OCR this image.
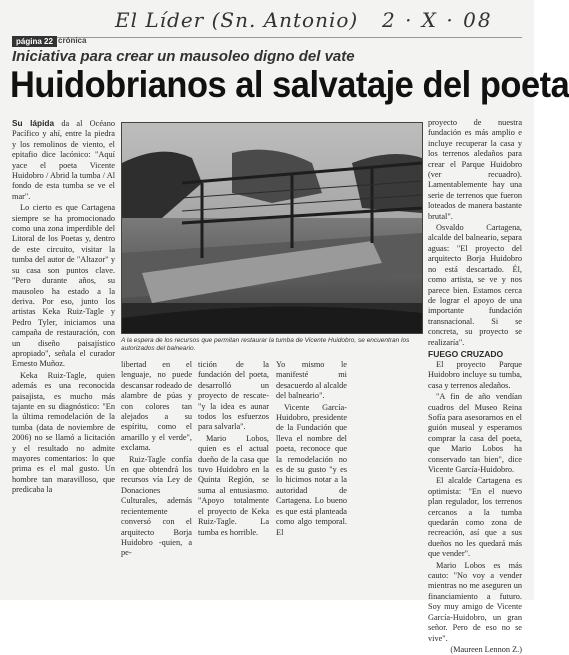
El Líder (Sn. Antonio) 2 · X · 08
página 22 crónica
Iniciativa para crear un mausoleo digno del vate
Huidobrianos al salvataje del poeta

Su lápida da al Océano Pacífico y ahí, entre la piedra y los remolinos de viento, el epitafio dice lacónico: "Aquí yace el poeta Vicente Huidobro / Abrid la tumba / Al fondo de esta tumba se ve el mar".

Lo cierto es que Cartagena siempre se ha promocionado como una zona imperdible del Litoral de los Poetas y, dentro de este circuito, visitar la tumba del autor de "Altazor" y su casa son puntos clave. "Pero durante años, su mausoleo ha estado a la deriva. Por eso, junto los artistas Keka Ruiz-Tagle y Pedro Tyler, iniciamos una campaña de restauración, con un diseño paisajístico apropiado", señala el curador Ernesto Muñoz.

Keka Ruiz-Tagle, quien además es una reconocida paisajista, es mucho más tajante en su diagnóstico: "En la última remodelación de la tumba (data de noviembre de 2006) no se llamó a licitación y el resultado no admite mayores comentarios: lo que prima es el mal gusto. Un hombre tan maravilloso, que predicaba la

A la espera de los recursos que permitan restaurar la tumba de Vicente Huidobro, se encuentran los autorizados del balneario.

libertad en el lenguaje, no puede descansar rodeado de alambre de púas y con colores tan alejados a su espíritu, como el amarillo y el verde", exclama.

Ruiz-Tagle confía en que obtendrá los recursos vía Ley de Donaciones Culturales, además recientemente conversó con el arquitecto Borja Huidobro -quien, a pe-

tición de la fundación del poeta, desarrolló un proyecto de rescate- "y la idea es aunar todos los esfuerzos para salvarla".

Mario Lobos, quien es el actual dueño de la casa que tuvo Huidobro en la Quinta Región, se suma al entusiasmo. "Apoyo totalmente el proyecto de Keka Ruiz-Tagle. La tumba es horrible.

Yo mismo le manifesté mi desacuerdo al alcalde del balneario".

Vicente García-Huidobro, presidente de la Fundación que lleva el nombre del poeta, reconoce que la remodelación no es de su gusto "y es lo hicimos notar a la autoridad de Cartagena. Lo bueno es que está planteada como algo temporal. El

proyecto de nuestra fundación es más amplio e incluye recuperar la casa y los terrenos aledaños para crear el Parque Huidobro (ver recuadro). Lamentablemente hay una serie de terrenos que fueron loteados de manera bastante brutal".

Osvaldo Cartagena, alcalde del balneario, separa aguas: "El proyecto del arquitecto Borja Huidobro no está descartado. Él, como artista, se ve y nos parece bien. Estamos cerca de lograr el apoyo de una importante fundación transnacional. Si se concreta, su proyecto se realizaría".

FUEGO CRUZADO

El proyecto Parque Huidobro incluye su tumba, casa y terrenos aledaños.

"A fin de año vendían cuadros del Museo Reina Sofía para asesorarnos en el guión museal y esperamos comprar la casa del poeta, que Mario Lobos ha conservado tan bien", dice Vicente García-Huidobro.

El alcalde Cartagena es optimista: "En el nuevo plan regulador, los terrenos cercanos a la tumba quedarán como zona de recreación, así que a sus dueños no les quedará más que vender".

Mario Lobos es más cauto: "No voy a vender mientras no me aseguren un financiamiento a futuro. Soy muy amigo de Vicente García-Huidobro, un gran señor. Pero de eso no se vive".

(Maureen Lennon Z.)
